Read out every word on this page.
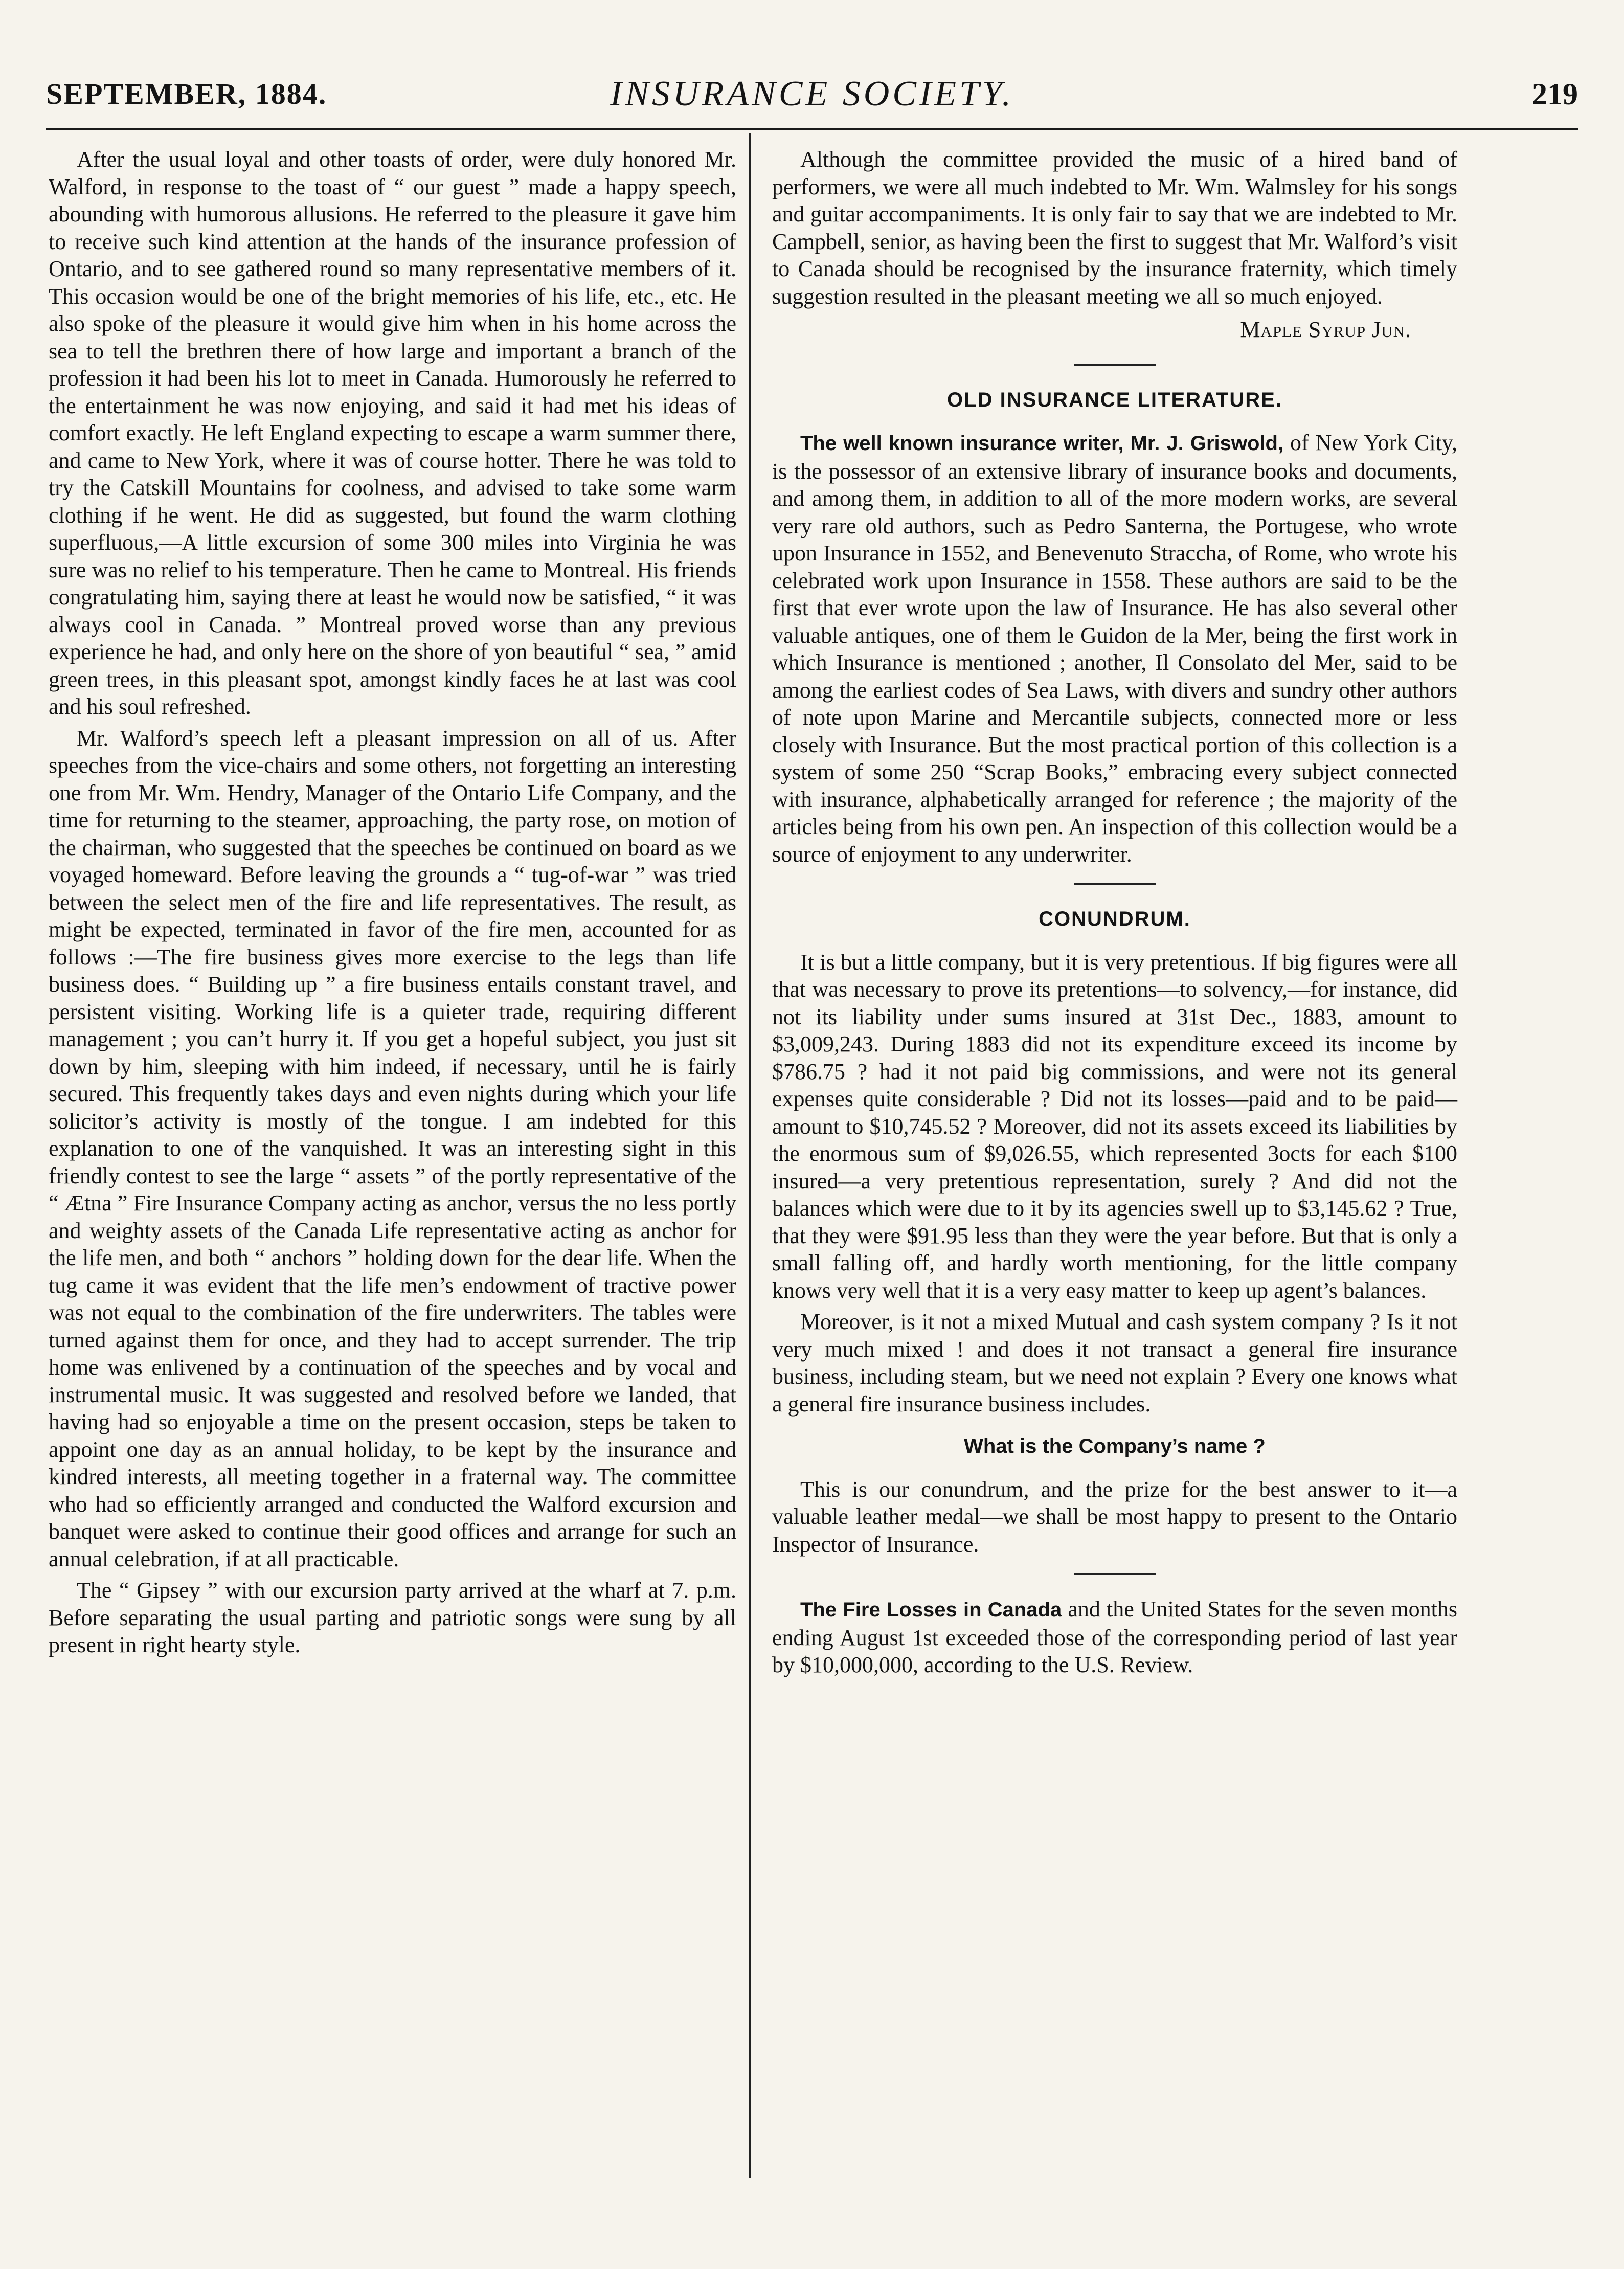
SEPTEMBER, 1884.	INSURANCE SOCIETY.	219

After the usual loyal and other toasts of order, were duly honored Mr. Walford, in response to the toast of “ our guest ” made a happy speech, abounding with humorous allusions. He referred to the pleasure it gave him to receive such kind attention at the hands of the insurance profession of Ontario, and to see gathered round so many representative members of it. This occasion would be one of the bright memories of his life, etc., etc. He also spoke of the pleasure it would give him when in his home across the sea to tell the brethren there of how large and important a branch of the profession it had been his lot to meet in Canada. Humorously he referred to the entertainment he was now enjoying, and said it had met his ideas of comfort exactly. He left England expecting to escape a warm summer there, and came to New York, where it was of course hotter. There he was told to try the Catskill Mountains for coolness, and advised to take some warm clothing if he went. He did as suggested, but found the warm clothing superfluous,—A little excursion of some 300 miles into Virginia he was sure was no relief to his temperature. Then he came to Montreal. His friends congratulating him, saying there at least he would now be satisfied, “ it was always cool in Canada. ” Montreal proved worse than any previous experience he had, and only here on the shore of yon beautiful “ sea, ” amid green trees, in this pleasant spot, amongst kindly faces he at last was cool and his soul refreshed.

Mr. Walford’s speech left a pleasant impression on all of us. After speeches from the vice-chairs and some others, not forgetting an interesting one from Mr. Wm. Hendry, Manager of the Ontario Life Company, and the time for returning to the steamer, approaching, the party rose, on motion of the chairman, who suggested that the speeches be continued on board as we voyaged homeward. Before leaving the grounds a “ tug-of-war ” was tried between the select men of the fire and life representatives. The result, as might be expected, terminated in favor of the fire men, accounted for as follows :—The fire business gives more exercise to the legs than life business does. “ Building up ” a fire business entails constant travel, and persistent visiting. Working life is a quieter trade, requiring different management ; you can’t hurry it. If you get a hopeful subject, you just sit down by him, sleeping with him indeed, if necessary, until he is fairly secured. This frequently takes days and even nights during which your life solicitor’s activity is mostly of the tongue. I am indebted for this explanation to one of the vanquished. It was an interesting sight in this friendly contest to see the large “ assets ” of the portly representative of the “ Ætna ” Fire Insurance Company acting as anchor, versus the no less portly and weighty assets of the Canada Life representative acting as anchor for the life men, and both “ anchors ” holding down for the dear life. When the tug came it was evident that the life men’s endowment of tractive power was not equal to the combination of the fire underwriters. The tables were turned against them for once, and they had to accept surrender. The trip home was enlivened by a continuation of the speeches and by vocal and instrumental music. It was suggested and resolved before we landed, that having had so enjoyable a time on the present occasion, steps be taken to appoint one day as an annual holiday, to be kept by the insurance and kindred interests, all meeting together in a fraternal way. The committee who had so efficiently arranged and conducted the Walford excursion and banquet were asked to continue their good offices and arrange for such an annual celebration, if at all practicable.

The “ Gipsey ” with our excursion party arrived at the wharf at 7. p.m. Before separating the usual parting and patriotic songs were sung by all present in right hearty style.

Although the committee provided the music of a hired band of performers, we were all much indebted to Mr. Wm. Walmsley for his songs and guitar accompaniments. It is only fair to say that we are indebted to Mr. Campbell, senior, as having been the first to suggest that Mr. Walford’s visit to Canada should be recognised by the insurance fraternity, which timely suggestion resulted in the pleasant meeting we all so much enjoyed.

Maple Syrup Jun.
OLD INSURANCE LITERATURE.

The well known insurance writer, Mr. J. Griswold, of New York City, is the possessor of an extensive library of insurance books and documents, and among them, in addition to all of the more modern works, are several very rare old authors, such as Pedro Santerna, the Portugese, who wrote upon Insurance in 1552, and Benevenuto Straccha, of Rome, who wrote his celebrated work upon Insurance in 1558. These authors are said to be the first that ever wrote upon the law of Insurance. He has also several other valuable antiques, one of them le Guidon de la Mer, being the first work in which Insurance is mentioned ; another, Il Consolato del Mer, said to be among the earliest codes of Sea Laws, with divers and sundry other authors of note upon Marine and Mercantile subjects, connected more or less closely with Insurance. But the most practical portion of this collection is a system of some 250 “Scrap Books,” embracing every subject connected with insurance, alphabetically arranged for reference ; the majority of the articles being from his own pen. An inspection of this collection would be a source of enjoyment to any underwriter.

CONUNDRUM.

It is but a little company, but it is very pretentious. If big figures were all that was necessary to prove its pretentions—to solvency,—for instance, did not its liability under sums insured at 31st Dec., 1883, amount to $3,009,243. During 1883 did not its expenditure exceed its income by $786.75 ? had it not paid big commissions, and were not its general expenses quite considerable ? Did not its losses—paid and to be paid—amount to $10,745.52 ? Moreover, did not its assets exceed its liabilities by the enormous sum of $9,026.55, which represented 3octs for each $100 insured—a very pretentious representation, surely ? And did not the balances which were due to it by its agencies swell up to $3,145.62 ? True, that they were $91.95 less than they were the year before. But that is only a small falling off, and hardly worth mentioning, for the little company knows very well that it is a very easy matter to keep up agent’s balances.

Moreover, is it not a mixed Mutual and cash system company ? Is it not very much mixed ! and does it not transact a general fire insurance business, including steam, but we need not explain ? Every one knows what a general fire insurance business includes.

What is the Company’s name ?

This is our conundrum, and the prize for the best answer to it—a valuable leather medal—we shall be most happy to present to the Ontario Inspector of Insurance.

The Fire Losses in Canada and the United States for the seven months ending August 1st exceeded those of the corresponding period of last year by $10,000,000, according to the U.S. Review.
